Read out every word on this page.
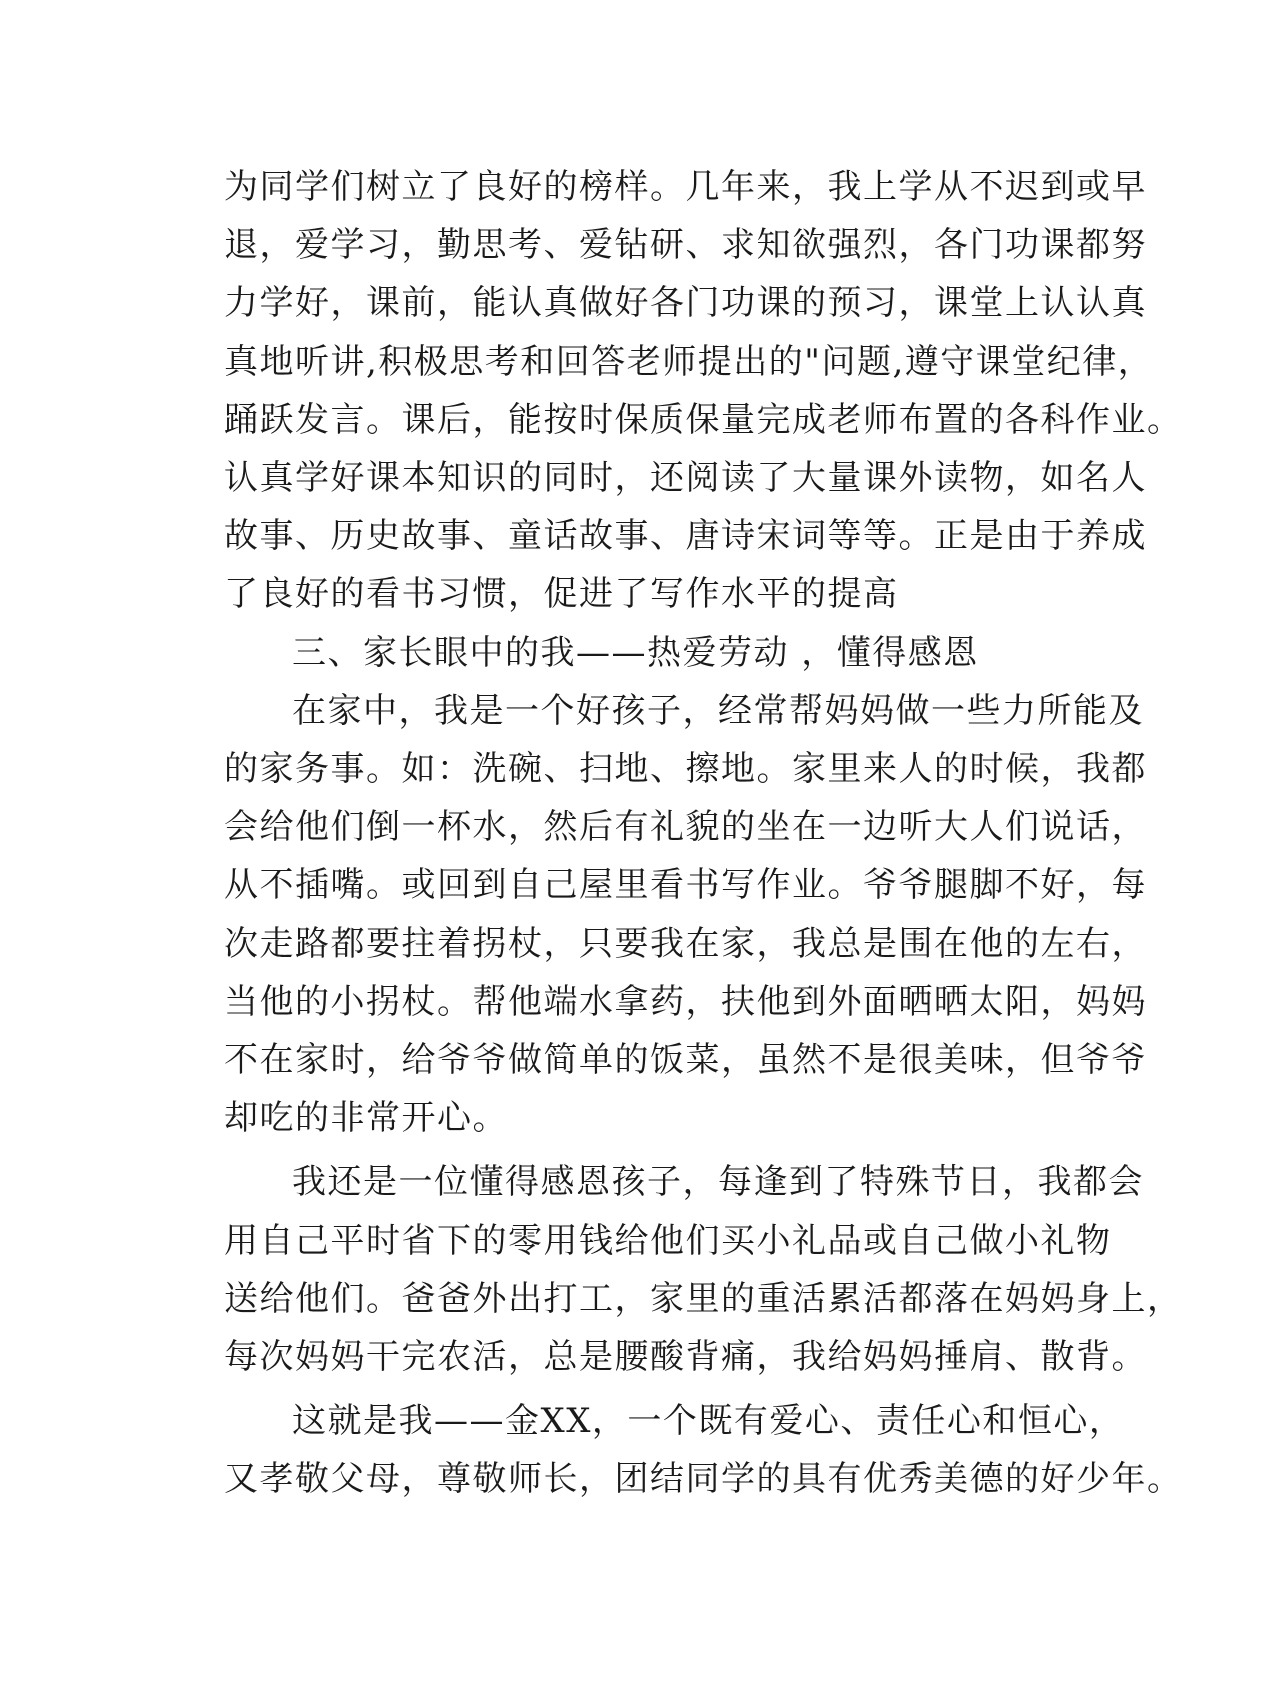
为同学们树立了良好的榜样。几年来，我上学从不迟到或早
退，爱学习，勤思考、爱钻研、求知欲强烈，各门功课都努
力学好，课前，能认真做好各门功课的预习，课堂上认认真
真地听讲,积极思考和回答老师提出的"问题,遵守课堂纪律，
踊跃发言。课后，能按时保质保量完成老师布置的各科作业。
认真学好课本知识的同时，还阅读了大量课外读物，如名人
故事、历史故事、童话故事、唐诗宋词等等。正是由于养成
了良好的看书习惯，促进了写作水平的提高

三、家长眼中的我——热爱劳动 ，懂得感恩

在家中，我是一个好孩子，经常帮妈妈做一些力所能及
的家务事。如：洗碗、扫地、擦地。家里来人的时候，我都
会给他们倒一杯水，然后有礼貌的坐在一边听大人们说话，
从不插嘴。或回到自己屋里看书写作业。爷爷腿脚不好，每
次走路都要拄着拐杖，只要我在家，我总是围在他的左右，
当他的小拐杖。帮他端水拿药，扶他到外面晒晒太阳，妈妈
不在家时，给爷爷做简单的饭菜，虽然不是很美味，但爷爷
却吃的非常开心。

我还是一位懂得感恩孩子，每逢到了特殊节日，我都会
用自己平时省下的零用钱给他们买小礼品或自己做小礼物
送给他们。爸爸外出打工，家里的重活累活都落在妈妈身上，
每次妈妈干完农活，总是腰酸背痛，我给妈妈捶肩、散背。

这就是我——金XX，一个既有爱心、责任心和恒心，
又孝敬父母，尊敬师长，团结同学的具有优秀美德的好少年。
